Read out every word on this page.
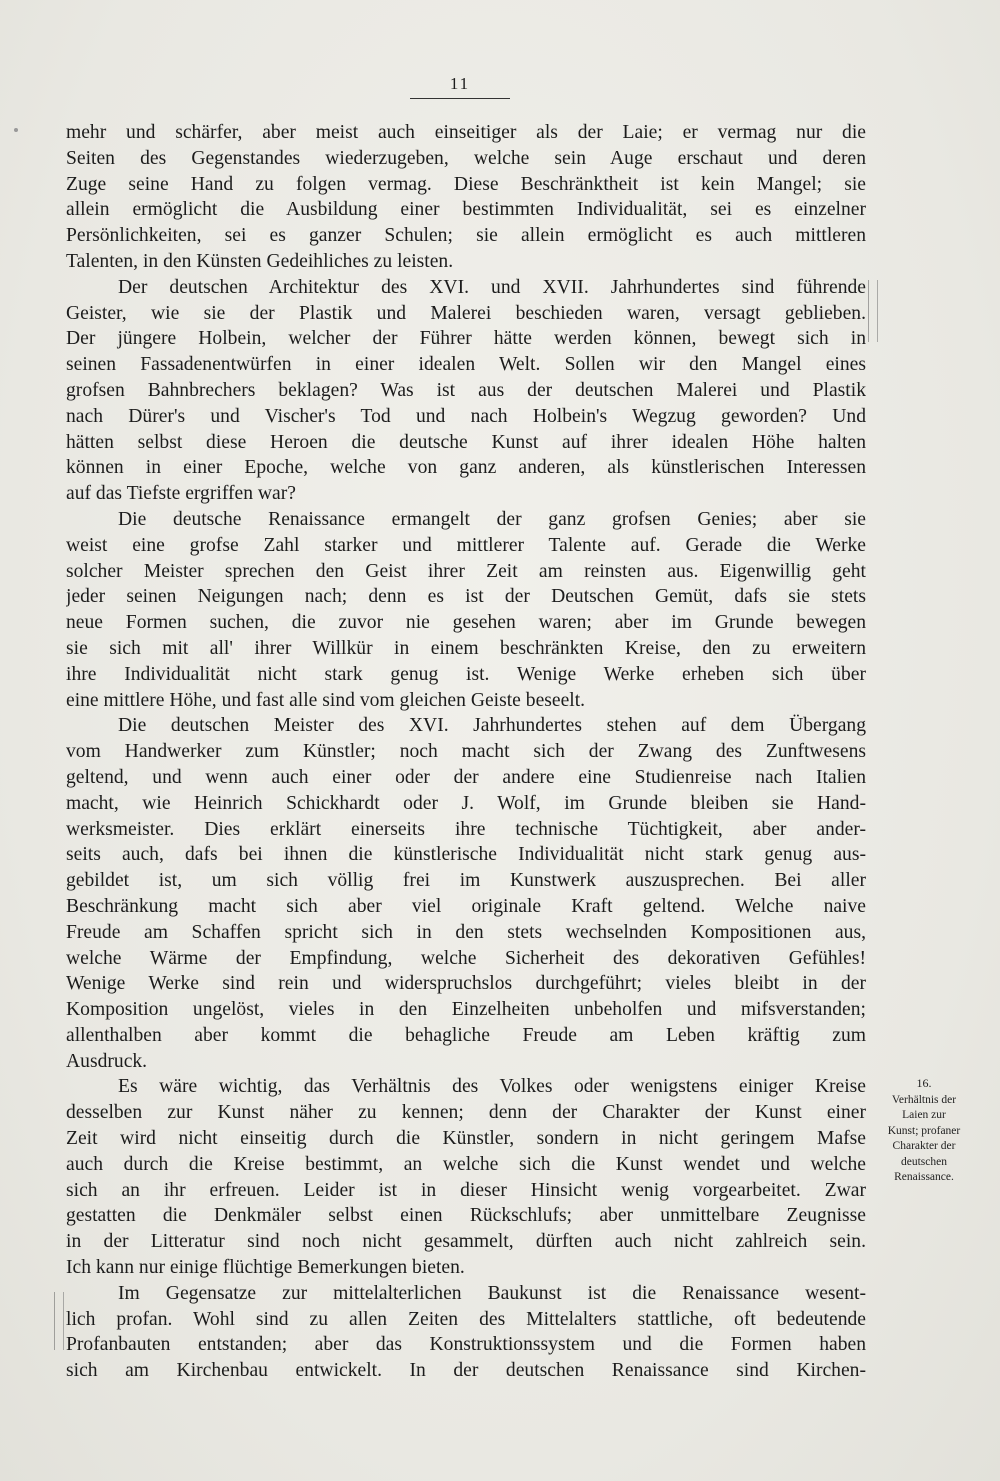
11
mehr und schärfer, aber meist auch einseitiger als der Laie; er vermag nur die
Seiten des Gegenstandes wiederzugeben, welche sein Auge erschaut und deren
Zuge seine Hand zu folgen vermag. Diese Beschränktheit ist kein Mangel; sie
allein ermöglicht die Ausbildung einer bestimmten Individualität, sei es einzelner
Persönlichkeiten, sei es ganzer Schulen; sie allein ermöglicht es auch mittleren
Talenten, in den Künsten Gedeihliches zu leisten.
Der deutschen Architektur des XVI. und XVII. Jahrhundertes sind führende
Geister, wie sie der Plastik und Malerei beschieden waren, versagt geblieben.
Der jüngere Holbein, welcher der Führer hätte werden können, bewegt sich in
seinen Fassadenentwürfen in einer idealen Welt. Sollen wir den Mangel eines
grofsen Bahnbrechers beklagen? Was ist aus der deutschen Malerei und Plastik
nach Dürer's und Vischer's Tod und nach Holbein's Wegzug geworden? Und
hätten selbst diese Heroen die deutsche Kunst auf ihrer idealen Höhe halten
können in einer Epoche, welche von ganz anderen, als künstlerischen Interessen
auf das Tiefste ergriffen war?
Die deutsche Renaissance ermangelt der ganz grofsen Genies; aber sie
weist eine grofse Zahl starker und mittlerer Talente auf. Gerade die Werke
solcher Meister sprechen den Geist ihrer Zeit am reinsten aus. Eigenwillig geht
jeder seinen Neigungen nach; denn es ist der Deutschen Gemüt, dafs sie stets
neue Formen suchen, die zuvor nie gesehen waren; aber im Grunde bewegen
sie sich mit all' ihrer Willkür in einem beschränkten Kreise, den zu erweitern
ihre Individualität nicht stark genug ist. Wenige Werke erheben sich über
eine mittlere Höhe, und fast alle sind vom gleichen Geiste beseelt.
Die deutschen Meister des XVI. Jahrhundertes stehen auf dem Übergang
vom Handwerker zum Künstler; noch macht sich der Zwang des Zunftwesens
geltend, und wenn auch einer oder der andere eine Studienreise nach Italien
macht, wie Heinrich Schickhardt oder J. Wolf, im Grunde bleiben sie Hand-
werksmeister. Dies erklärt einerseits ihre technische Tüchtigkeit, aber ander-
seits auch, dafs bei ihnen die künstlerische Individualität nicht stark genug aus-
gebildet ist, um sich völlig frei im Kunstwerk auszusprechen. Bei aller
Beschränkung macht sich aber viel originale Kraft geltend. Welche naive
Freude am Schaffen spricht sich in den stets wechselnden Kompositionen aus,
welche Wärme der Empfindung, welche Sicherheit des dekorativen Gefühles!
Wenige Werke sind rein und widerspruchslos durchgeführt; vieles bleibt in der
Komposition ungelöst, vieles in den Einzelheiten unbeholfen und mifsverstanden;
allenthalben aber kommt die behagliche Freude am Leben kräftig zum
Ausdruck.
Es wäre wichtig, das Verhältnis des Volkes oder wenigstens einiger Kreise
desselben zur Kunst näher zu kennen; denn der Charakter der Kunst einer
Zeit wird nicht einseitig durch die Künstler, sondern in nicht geringem Mafse
auch durch die Kreise bestimmt, an welche sich die Kunst wendet und welche
sich an ihr erfreuen. Leider ist in dieser Hinsicht wenig vorgearbeitet. Zwar
gestatten die Denkmäler selbst einen Rückschlufs; aber unmittelbare Zeugnisse
in der Litteratur sind noch nicht gesammelt, dürften auch nicht zahlreich sein.
Ich kann nur einige flüchtige Bemerkungen bieten.
Im Gegensatze zur mittelalterlichen Baukunst ist die Renaissance wesent-
lich profan. Wohl sind zu allen Zeiten des Mittelalters stattliche, oft bedeutende
Profanbauten entstanden; aber das Konstruktionssystem und die Formen haben
sich am Kirchenbau entwickelt. In der deutschen Renaissance sind Kirchen-
16.
Verhältnis der
Laien zur
Kunst; profaner
Charakter der
deutschen
Renaissance.
